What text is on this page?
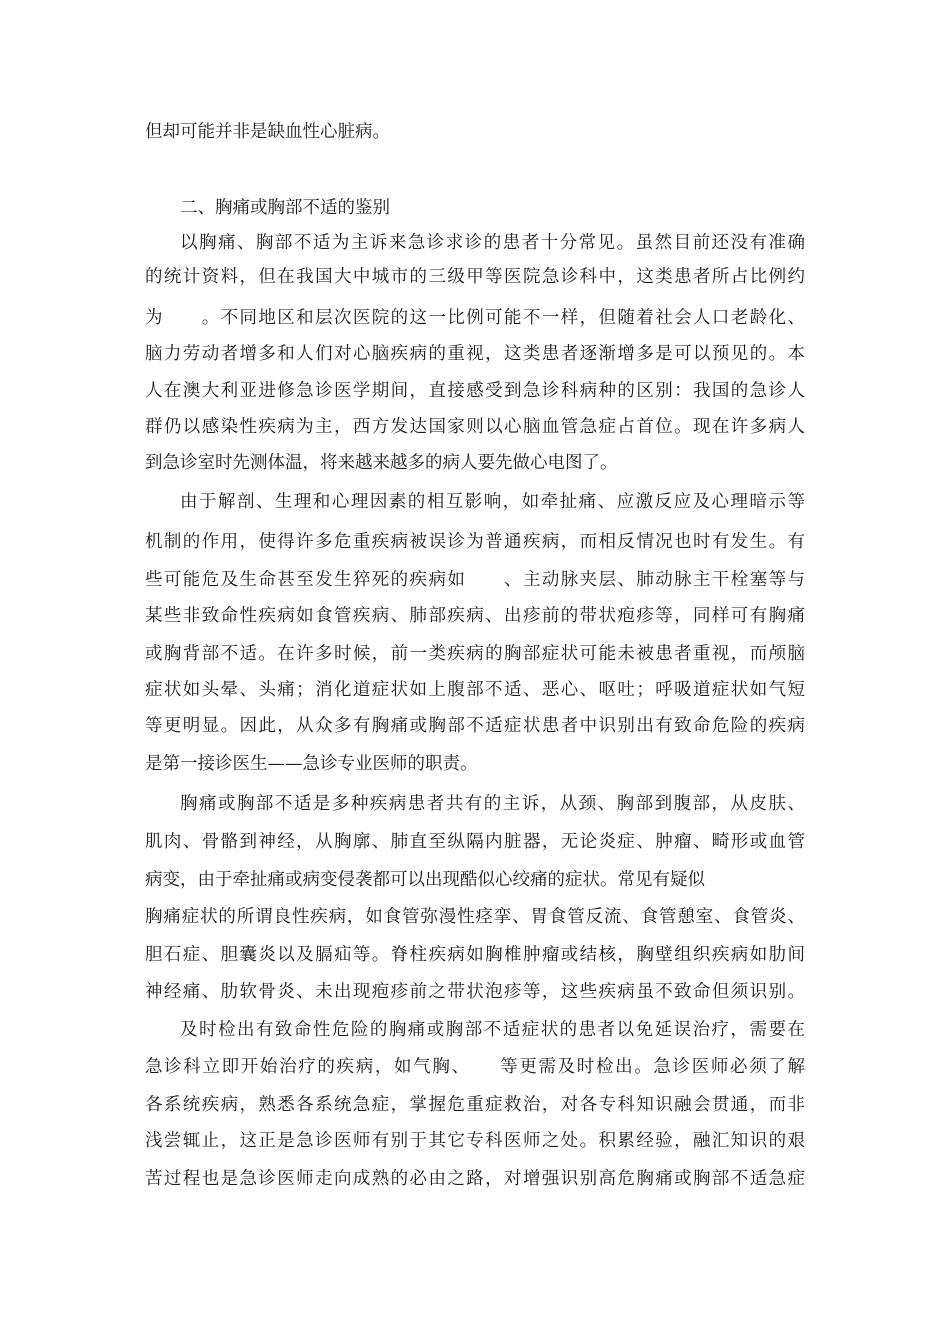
但却可能并非是缺血性心脏病。
二、胸痛或胸部不适的鉴别
以胸痛、胸部不适为主诉来急诊求诊的患者十分常见。虽然目前还没有准确
的统计资料，但在我国大中城市的三级甲等医院急诊科中，这类患者所占比例约
为　　。不同地区和层次医院的这一比例可能不一样，但随着社会人口老龄化、
脑力劳动者增多和人们对心脑疾病的重视，这类患者逐渐增多是可以预见的。本
人在澳大利亚进修急诊医学期间，直接感受到急诊科病种的区别：我国的急诊人
群仍以感染性疾病为主，西方发达国家则以心脑血管急症占首位。现在许多病人
到急诊室时先测体温，将来越来越多的病人要先做心电图了。
由于解剖、生理和心理因素的相互影响，如牵扯痛、应激反应及心理暗示等
机制的作用，使得许多危重疾病被误诊为普通疾病，而相反情况也时有发生。有
些可能危及生命甚至发生猝死的疾病如　　、主动脉夹层、肺动脉主干栓塞等与
某些非致命性疾病如食管疾病、肺部疾病、出疹前的带状疱疹等，同样可有胸痛
或胸背部不适。在许多时候，前一类疾病的胸部症状可能未被患者重视，而颅脑
症状如头晕、头痛；消化道症状如上腹部不适、恶心、呕吐；呼吸道症状如气短
等更明显。因此，从众多有胸痛或胸部不适症状患者中识别出有致命危险的疾病
是第一接诊医生——急诊专业医师的职责。
胸痛或胸部不适是多种疾病患者共有的主诉，从颈、胸部到腹部，从皮肤、
肌肉、骨骼到神经，从胸廓、肺直至纵隔内脏器，无论炎症、肿瘤、畸形或血管
病变，由于牵扯痛或病变侵袭都可以出现酷似心绞痛的症状。常见有疑似
胸痛症状的所谓良性疾病，如食管弥漫性痉挛、胃食管反流、食管憩室、食管炎、
胆石症、胆囊炎以及膈疝等。脊柱疾病如胸椎肿瘤或结核，胸壁组织疾病如肋间
神经痛、肋软骨炎、未出现疱疹前之带状泡疹等，这些疾病虽不致命但须识别。
及时检出有致命性危险的胸痛或胸部不适症状的患者以免延误治疗，需要在
急诊科立即开始治疗的疾病，如气胸、　　等更需及时检出。急诊医师必须了解
各系统疾病，熟悉各系统急症，掌握危重症救治，对各专科知识融会贯通，而非
浅尝辄止，这正是急诊医师有别于其它专科医师之处。积累经验，融汇知识的艰
苦过程也是急诊医师走向成熟的必由之路，对增强识别高危胸痛或胸部不适急症
